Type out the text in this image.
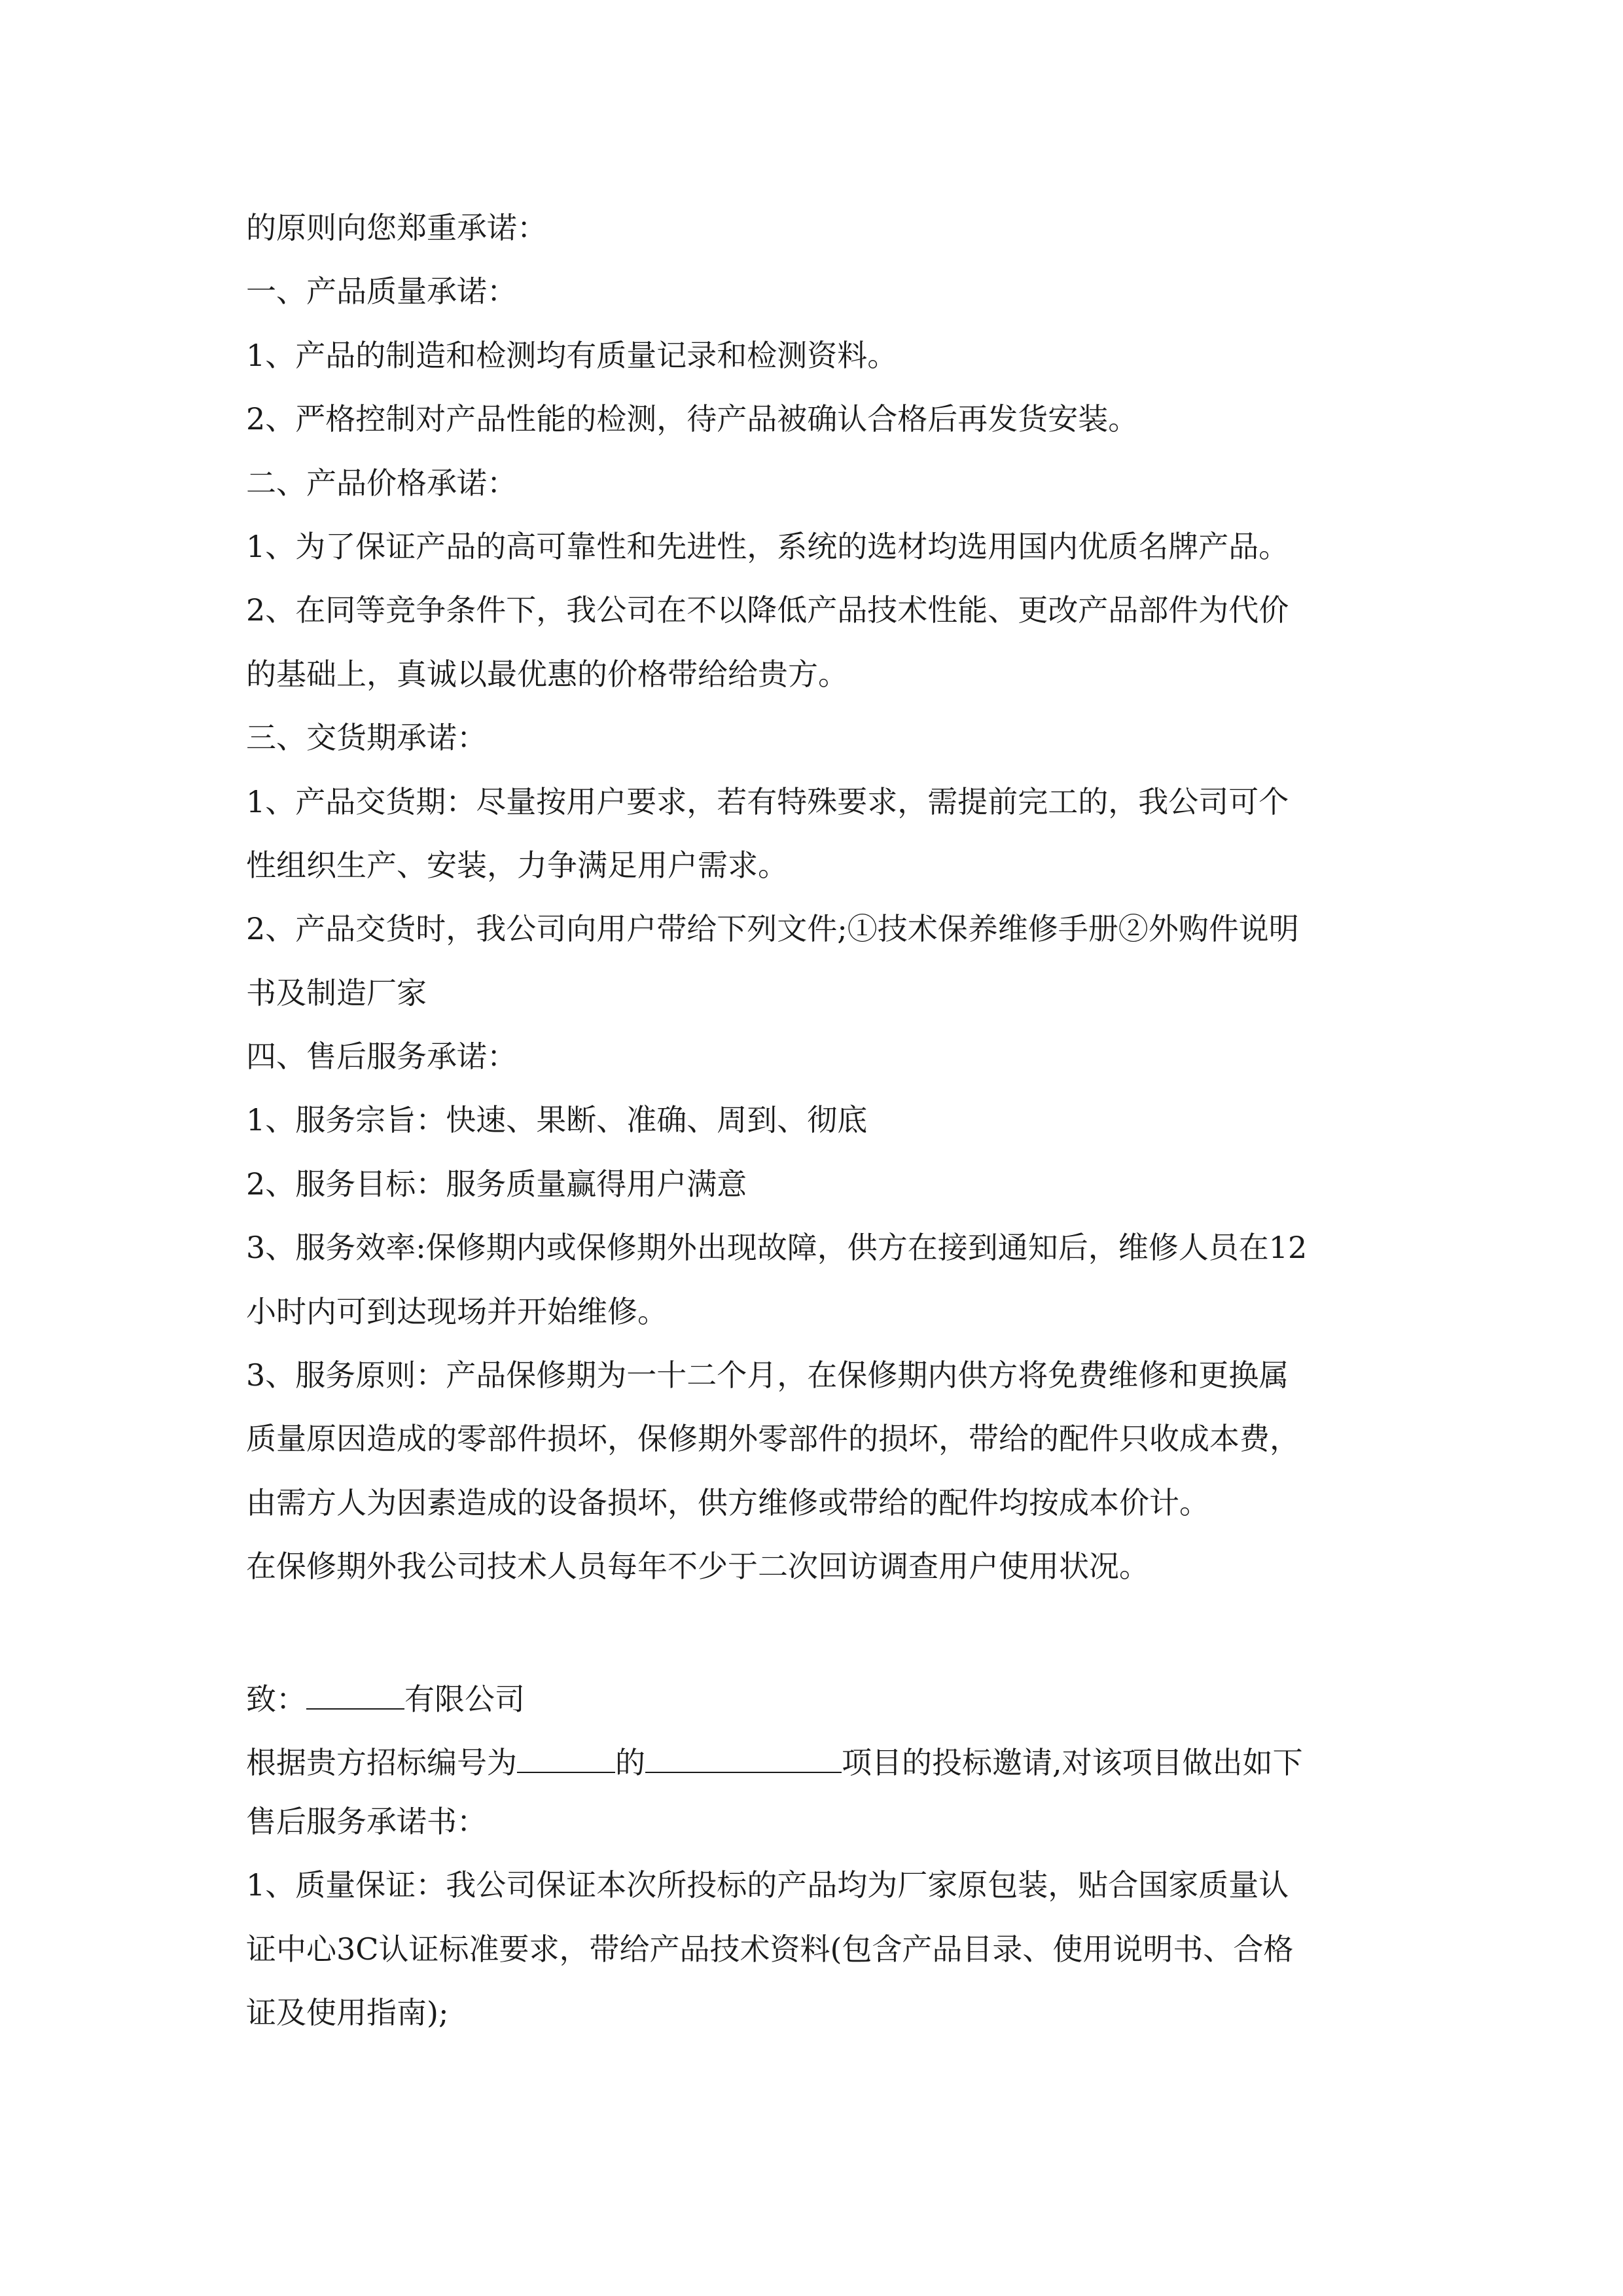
的原则向您郑重承诺：
一、产品质量承诺：
1、产品的制造和检测均有质量记录和检测资料。
2、严格控制对产品性能的检测，待产品被确认合格后再发货安装。
二、产品价格承诺：
1、为了保证产品的高可靠性和先进性，系统的选材均选用国内优质名牌产品。
2、在同等竞争条件下，我公司在不以降低产品技术性能、更改产品部件为代价
的基础上，真诚以最优惠的价格带给给贵方。
三、交货期承诺：
1、产品交货期：尽量按用户要求，若有特殊要求，需提前完工的，我公司可个
性组织生产、安装，力争满足用户需求。
2、产品交货时，我公司向用户带给下列文件;①技术保养维修手册②外购件说明
书及制造厂家
四、售后服务承诺：
1、服务宗旨：快速、果断、准确、周到、彻底
2、服务目标：服务质量赢得用户满意
3、服务效率:保修期内或保修期外出现故障，供方在接到通知后，维修人员在12
小时内可到达现场并开始维修。
3、服务原则：产品保修期为一十二个月，在保修期内供方将免费维修和更换属
质量原因造成的零部件损坏，保修期外零部件的损坏，带给的配件只收成本费，
由需方人为因素造成的设备损坏，供方维修或带给的配件均按成本价计。
在保修期外我公司技术人员每年不少于二次回访调查用户使用状况。
致：	有限公司
根据贵方招标编号为	的	项目的投标邀请,对该项目做出如下
售后服务承诺书：
1、质量保证：我公司保证本次所投标的产品均为厂家原包装，贴合国家质量认
证中心3C认证标准要求，带给产品技术资料(包含产品目录、使用说明书、合格
证及使用指南);
